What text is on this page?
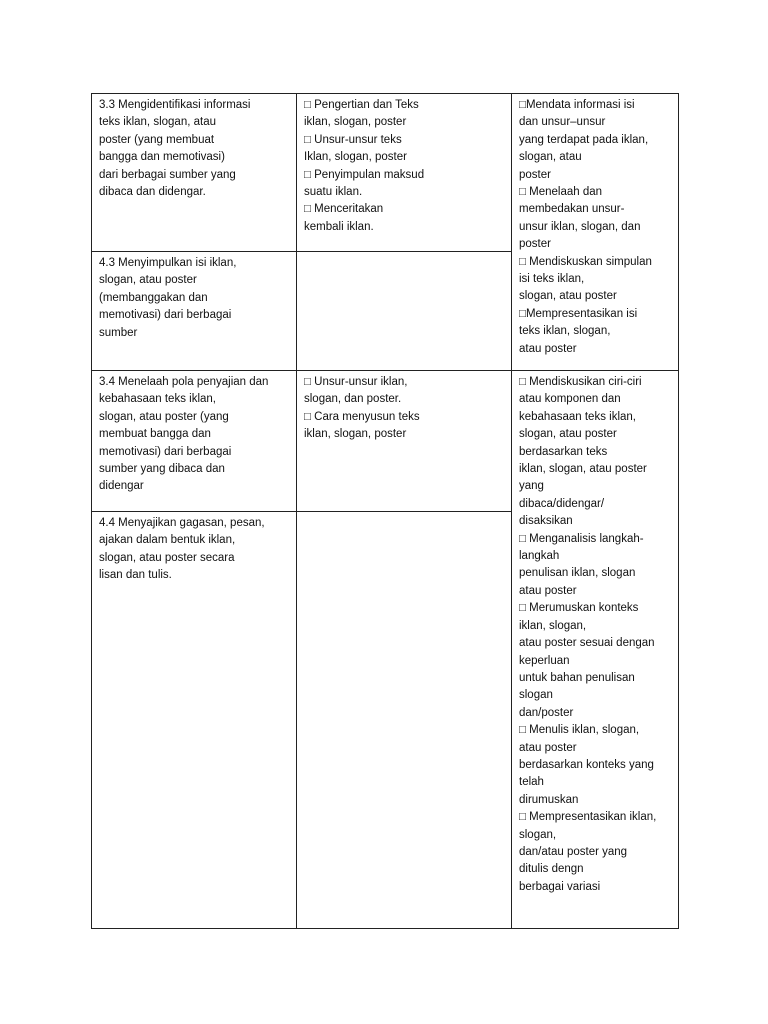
3.3 Mengidentifikasi informasi
teks iklan, slogan, atau
poster (yang membuat
bangga dan memotivasi)
dari berbagai sumber yang
dibaca dan didengar.
4.3 Menyimpulkan isi iklan,
slogan, atau poster
(membanggakan dan
memotivasi) dari berbagai
sumber
3.4 Menelaah pola penyajian dan
kebahasaan teks iklan,
slogan, atau poster (yang
membuat bangga dan
memotivasi) dari berbagai
sumber yang dibaca dan
didengar
4.4 Menyajikan gagasan, pesan,
ajakan dalam bentuk iklan,
slogan, atau poster secara
lisan dan tulis.
□ Pengertian dan Teks
iklan, slogan, poster
□ Unsur-unsur teks
Iklan, slogan, poster
□ Penyimpulan maksud
suatu iklan.
□ Menceritakan
kembali iklan.
□ Unsur-unsur iklan,
slogan, dan poster.
□ Cara menyusun teks
iklan, slogan, poster
□Mendata informasi isi
dan unsur–unsur
yang terdapat pada iklan,
slogan, atau
poster
□ Menelaah dan
membedakan unsur-
unsur iklan, slogan, dan
poster
□ Mendiskuskan simpulan
isi teks iklan,
slogan, atau poster
□Mempresentasikan isi
teks iklan, slogan,
atau poster
□ Mendiskusikan ciri-ciri
atau komponen dan
kebahasaan teks iklan,
slogan, atau poster
berdasarkan teks
iklan, slogan, atau poster
yang
dibaca/didengar/
disaksikan
□ Menganalisis langkah-
langkah
penulisan iklan, slogan
atau poster
□ Merumuskan konteks
iklan, slogan,
atau poster sesuai dengan
keperluan
untuk bahan penulisan
slogan
dan/poster
□ Menulis iklan, slogan,
atau poster
berdasarkan konteks yang
telah
dirumuskan
□ Mempresentasikan iklan,
slogan,
dan/atau poster yang
ditulis dengn
berbagai variasi
